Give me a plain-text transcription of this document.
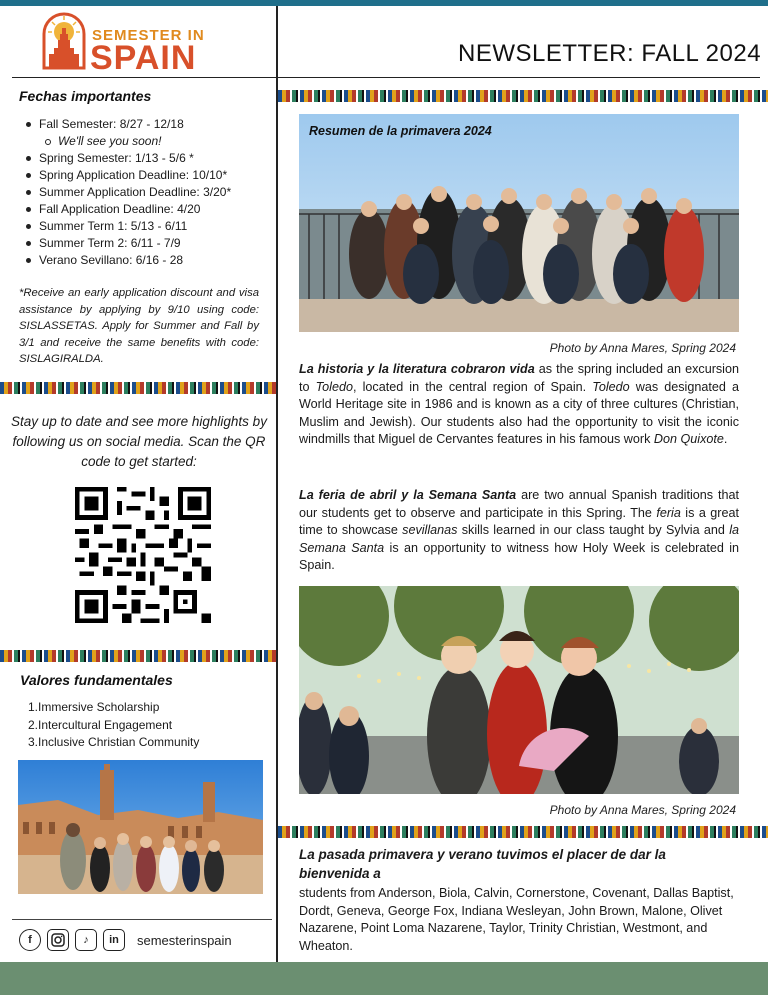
SEMESTER IN
SPAIN	NEWSLETTER: FALL 2024
Fechas importantes
Fall Semester: 8/27 - 12/18
We'll see you soon!
Spring Semester: 1/13 - 5/6 *
Spring Application Deadline: 10/10*
Summer Application Deadline: 3/20*
Fall Application Deadline: 4/20
Summer Term 1: 5/13 - 6/11
Summer Term 2: 6/11 - 7/9
Verano Sevillano: 6/16 - 28
*Receive an early application discount and visa assistance by applying by 9/10 using code: SISLASSETAS. Apply for Summer and Fall by 3/1 and receive the same benefits with code: SISLAGIRALDA.
Stay up to date and see more highlights by following us on social media. Scan the QR code to get started:
Valores fundamentales
1.Immersive Scholarship
2.Intercultural Engagement
3.Inclusive Christian Community
f	♪	in	semesterinspain
Resumen de la primavera 2024
Photo by Anna Mares, Spring 2024
La historia y la literatura cobraron vida as the spring included an excursion to Toledo, located in the central region of Spain. Toledo was designated a World Heritage site in 1986 and is known as a city of three cultures (Christian, Muslim and Jewish). Our students also had the opportunity to visit the iconic windmills that Miguel de Cervantes features in his famous work Don Quixote.
La feria de abril y la Semana Santa are two annual Spanish traditions that our students get to observe and participate in this Spring. The feria is a great time to showcase sevillanas skills learned in our class taught by Sylvia and la Semana Santa is an opportunity to witness how Holy Week is celebrated in Spain.
Photo by Anna Mares, Spring 2024
La pasada primavera y verano tuvimos el placer de dar la bienvenida a
students from Anderson, Biola, Calvin, Cornerstone, Covenant, Dallas Baptist, Dordt, Geneva, George Fox, Indiana Wesleyan, John Brown, Malone, Olivet Nazarene, Point Loma Nazarene, Taylor, Trinity Christian, Westmont, and Wheaton.
